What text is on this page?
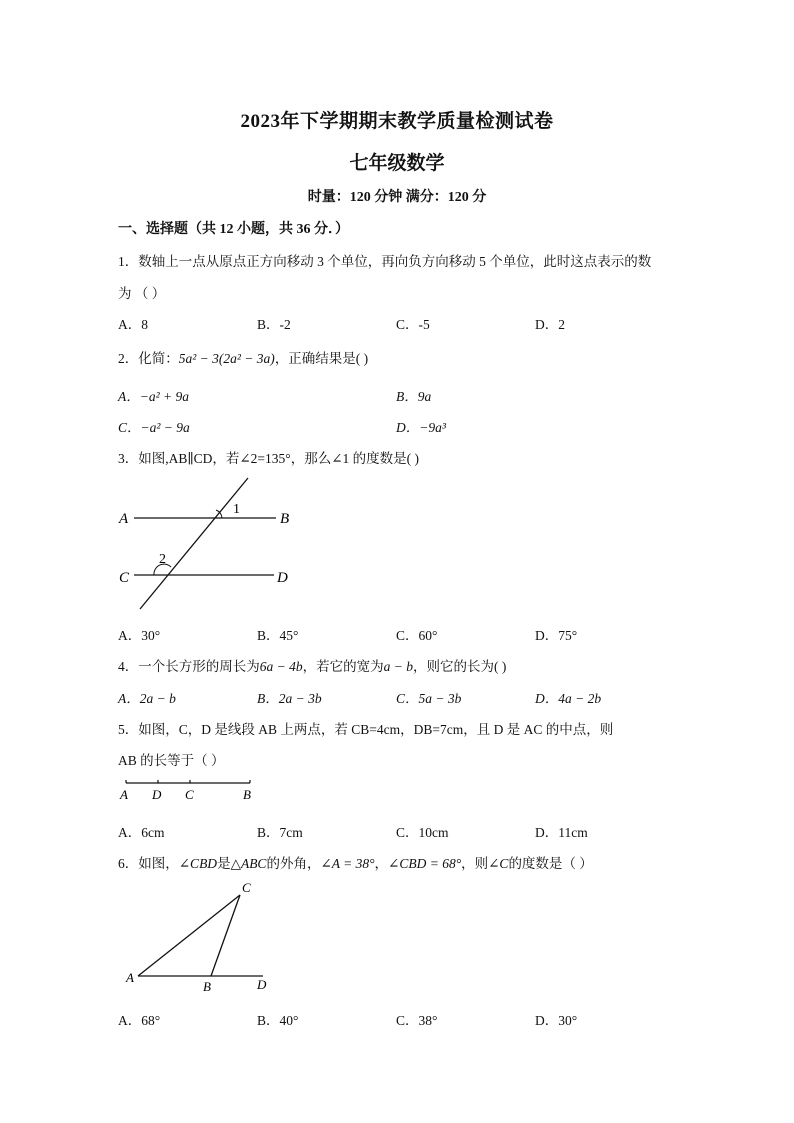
2023年下学期期末教学质量检测试卷
七年级数学
时量：120 分钟 满分：120 分
一、选择题（共 12 小题，共 36 分．）
1．数轴上一点从原点正方向移动 3 个单位，再向负方向移动 5 个单位，此时这点表示的数
为 （ ）
A．8	B．-2	C．-5	D．2
2．化简：5a² − 3(2a² − 3a)，正确结果是( )
A．−a² + 9a	B．9a
C．−a² − 9a	D．−9a³
3．如图,AB∥CD，若∠2=135°，那么∠1 的度数是( )
A	B
C	D
1
2
A．30°	B．45°	C．60°	D．75°
4．一个长方形的周长为6a − 4b，若它的宽为a − b，则它的长为( )
A．2a − b	B．2a − 3b	C．5a − 3b	D．4a − 2b
5．如图，C，D 是线段 AB 上两点，若 CB=4cm，DB=7cm，且 D 是 AC 的中点，则
AB 的长等于（ ）
A D C	B
A．6cm	B．7cm	C．10cm	D．11cm
6．如图，∠CBD是△ABC的外角，∠A = 38°，∠CBD = 68°，则∠C的度数是（ ）
C
A
B	D
A．68°	B．40°	C．38°	D．30°
